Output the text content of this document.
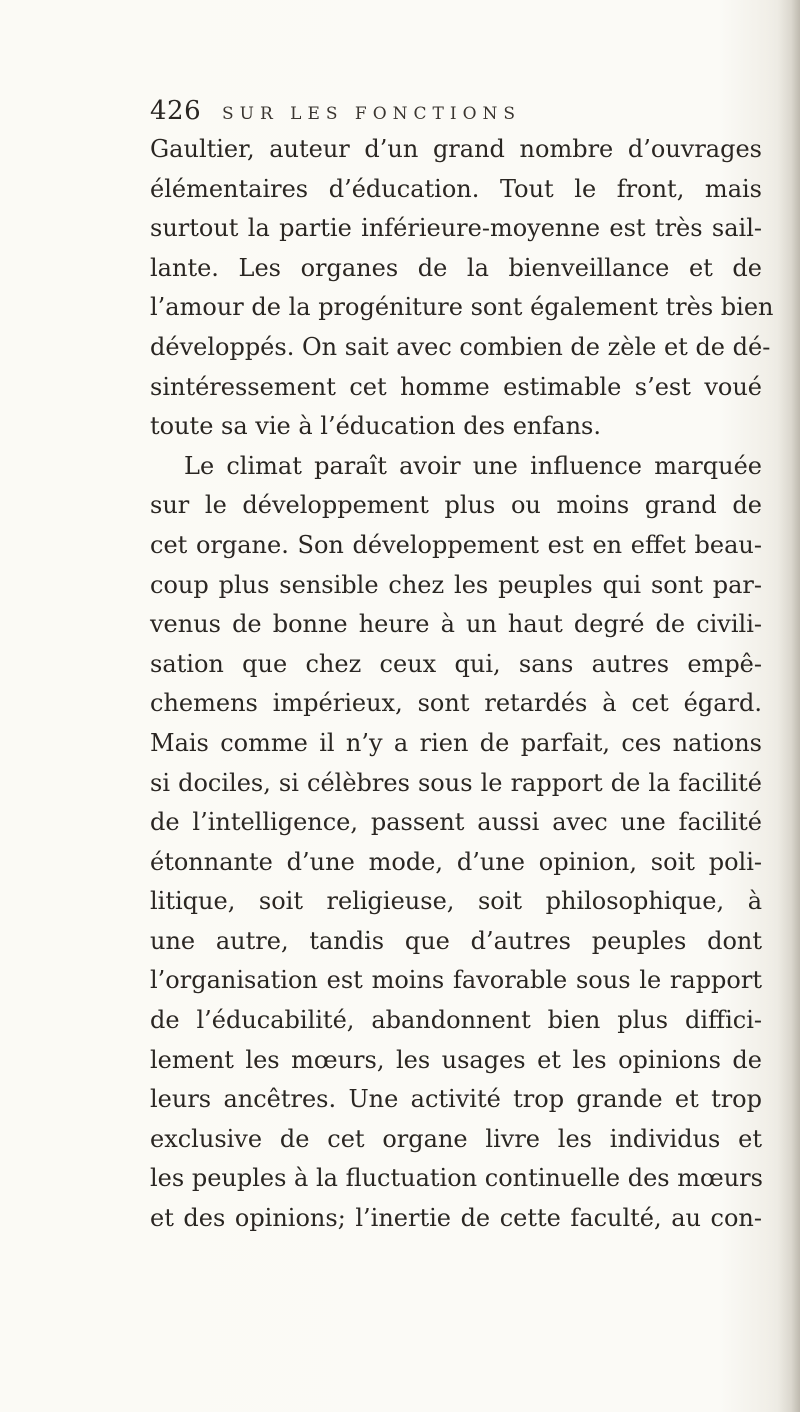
426	SUR LES FONCTIONS
Gaultier, auteur d’un grand nombre d’ouvrages
élémentaires d’éducation. Tout le front, mais
surtout la partie inférieure-moyenne est très sail-
lante. Les organes de la bienveillance et de
l’amour de la progéniture sont également très bien
développés. On sait avec combien de zèle et de dé-
sintéressement cet homme estimable s’est voué
toute sa vie à l’éducation des enfans.
Le climat paraît avoir une influence marquée
sur le développement plus ou moins grand de
cet organe. Son développement est en effet beau-
coup plus sensible chez les peuples qui sont par-
venus de bonne heure à un haut degré de civili-
sation que chez ceux qui, sans autres empê-
chemens impérieux, sont retardés à cet égard.
Mais comme il n’y a rien de parfait, ces nations
si dociles, si célèbres sous le rapport de la facilité
de l’intelligence, passent aussi avec une facilité
étonnante d’une mode, d’une opinion, soit poli-
litique, soit religieuse, soit philosophique, à
une autre, tandis que d’autres peuples dont
l’organisation est moins favorable sous le rapport
de l’éducabilité, abandonnent bien plus diffici-
lement les mœurs, les usages et les opinions de
leurs ancêtres. Une activité trop grande et trop
exclusive de cet organe livre les individus et
les peuples à la fluctuation continuelle des mœurs
et des opinions; l’inertie de cette faculté, au con-
